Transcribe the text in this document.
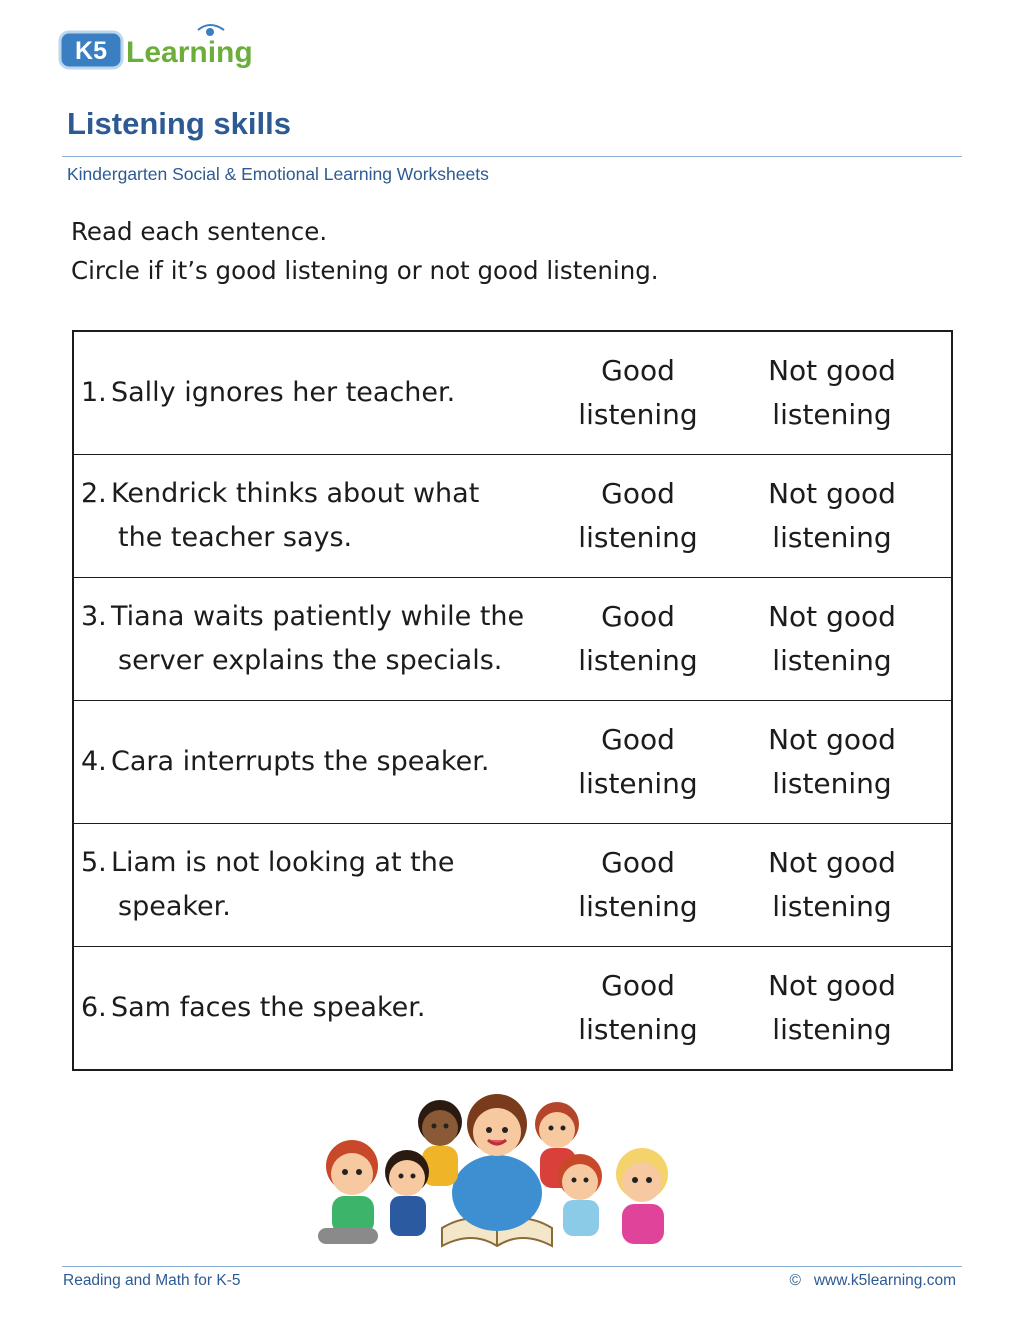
K5 Learning
Listening skills
Kindergarten Social & Emotional Learning Worksheets
Read each sentence.
Circle if it’s good listening or not good listening.
1. Sally ignores her teacher.	Good
listening	Not good
listening

2. Kendrick thinks about what
the teacher says.	Good
listening	Not good
listening

3. Tiana waits patiently while the
server explains the specials.	Good
listening	Not good
listening

4. Cara interrupts the speaker.	Good
listening	Not good
listening

5. Liam is not looking at the
speaker.	Good
listening	Not good
listening

6. Sam faces the speaker.	Good
listening	Not good
listening
Reading and Math for K-5	© www.k5learning.com
